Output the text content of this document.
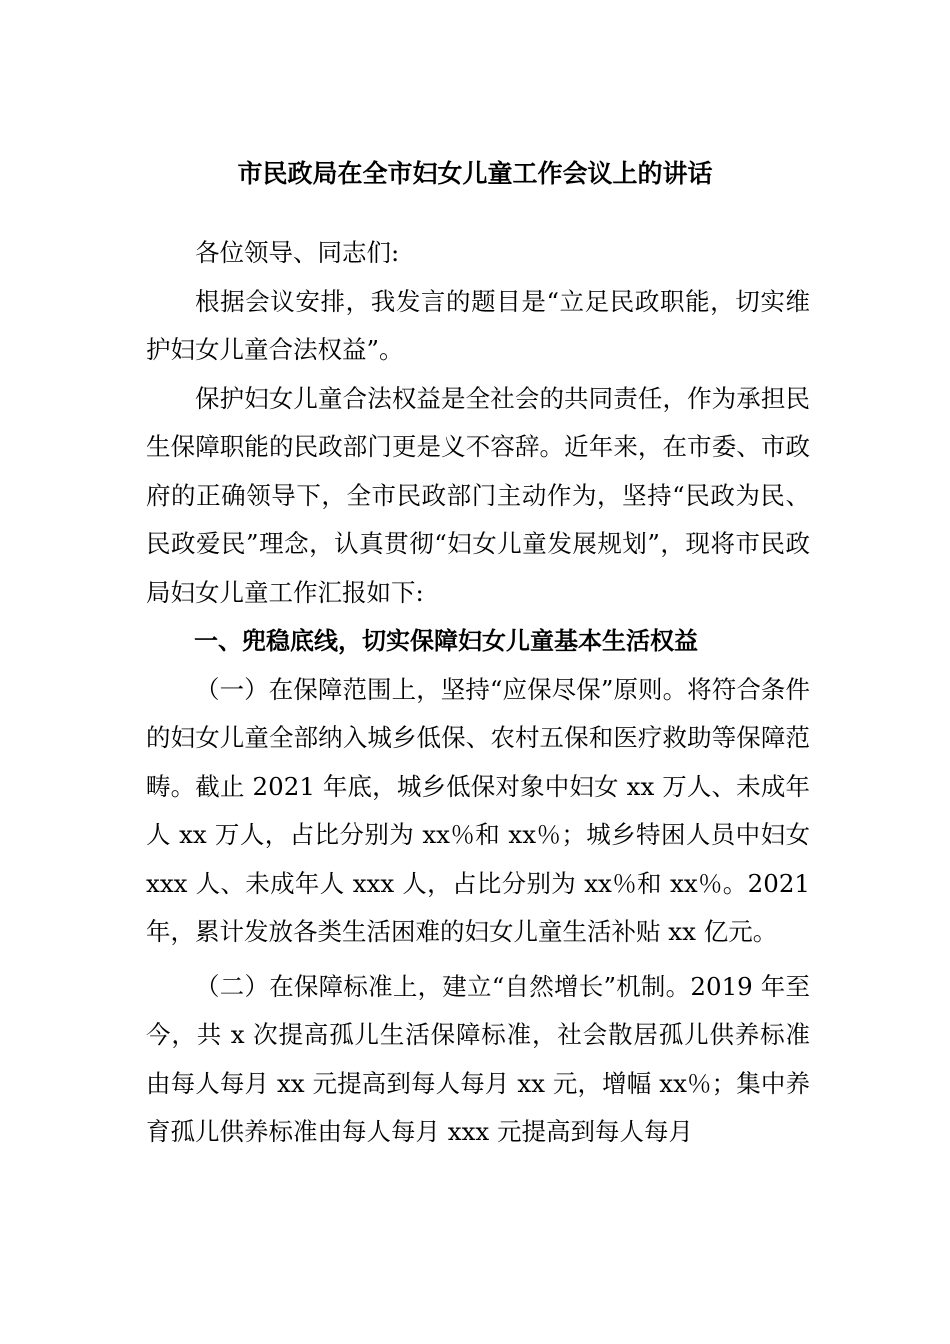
市民政局在全市妇女儿童工作会议上的讲话

各位领导、同志们:

根据会议安排，我发言的题目是“立足民政职能，切实维护妇女儿童合法权益”。

保护妇女儿童合法权益是全社会的共同责任，作为承担民生保障职能的民政部门更是义不容辞。近年来，在市委、市政府的正确领导下，全市民政部门主动作为，坚持“民政为民、民政爱民”理念，认真贯彻“妇女儿童发展规划”，现将市民政局妇女儿童工作汇报如下:

一、兜稳底线，切实保障妇女儿童基本生活权益

（一）在保障范围上，坚持“应保尽保”原则。将符合条件的妇女儿童全部纳入城乡低保、农村五保和医疗救助等保障范畴。截止 2021 年底，城乡低保对象中妇女 xx 万人、未成年人 xx 万人，占比分别为 xx％和 xx％；城乡特困人员中妇女 xxx 人、未成年人 xxx 人，占比分别为 xx％和 xx％。2021 年，累计发放各类生活困难的妇女儿童生活补贴 xx 亿元。

（二）在保障标准上，建立“自然增长”机制。2019 年至今，共 x 次提高孤儿生活保障标准，社会散居孤儿供养标准由每人每月 xx 元提高到每人每月 xx 元，增幅 xx％；集中养育孤儿供养标准由每人每月 xxx 元提高到每人每月
